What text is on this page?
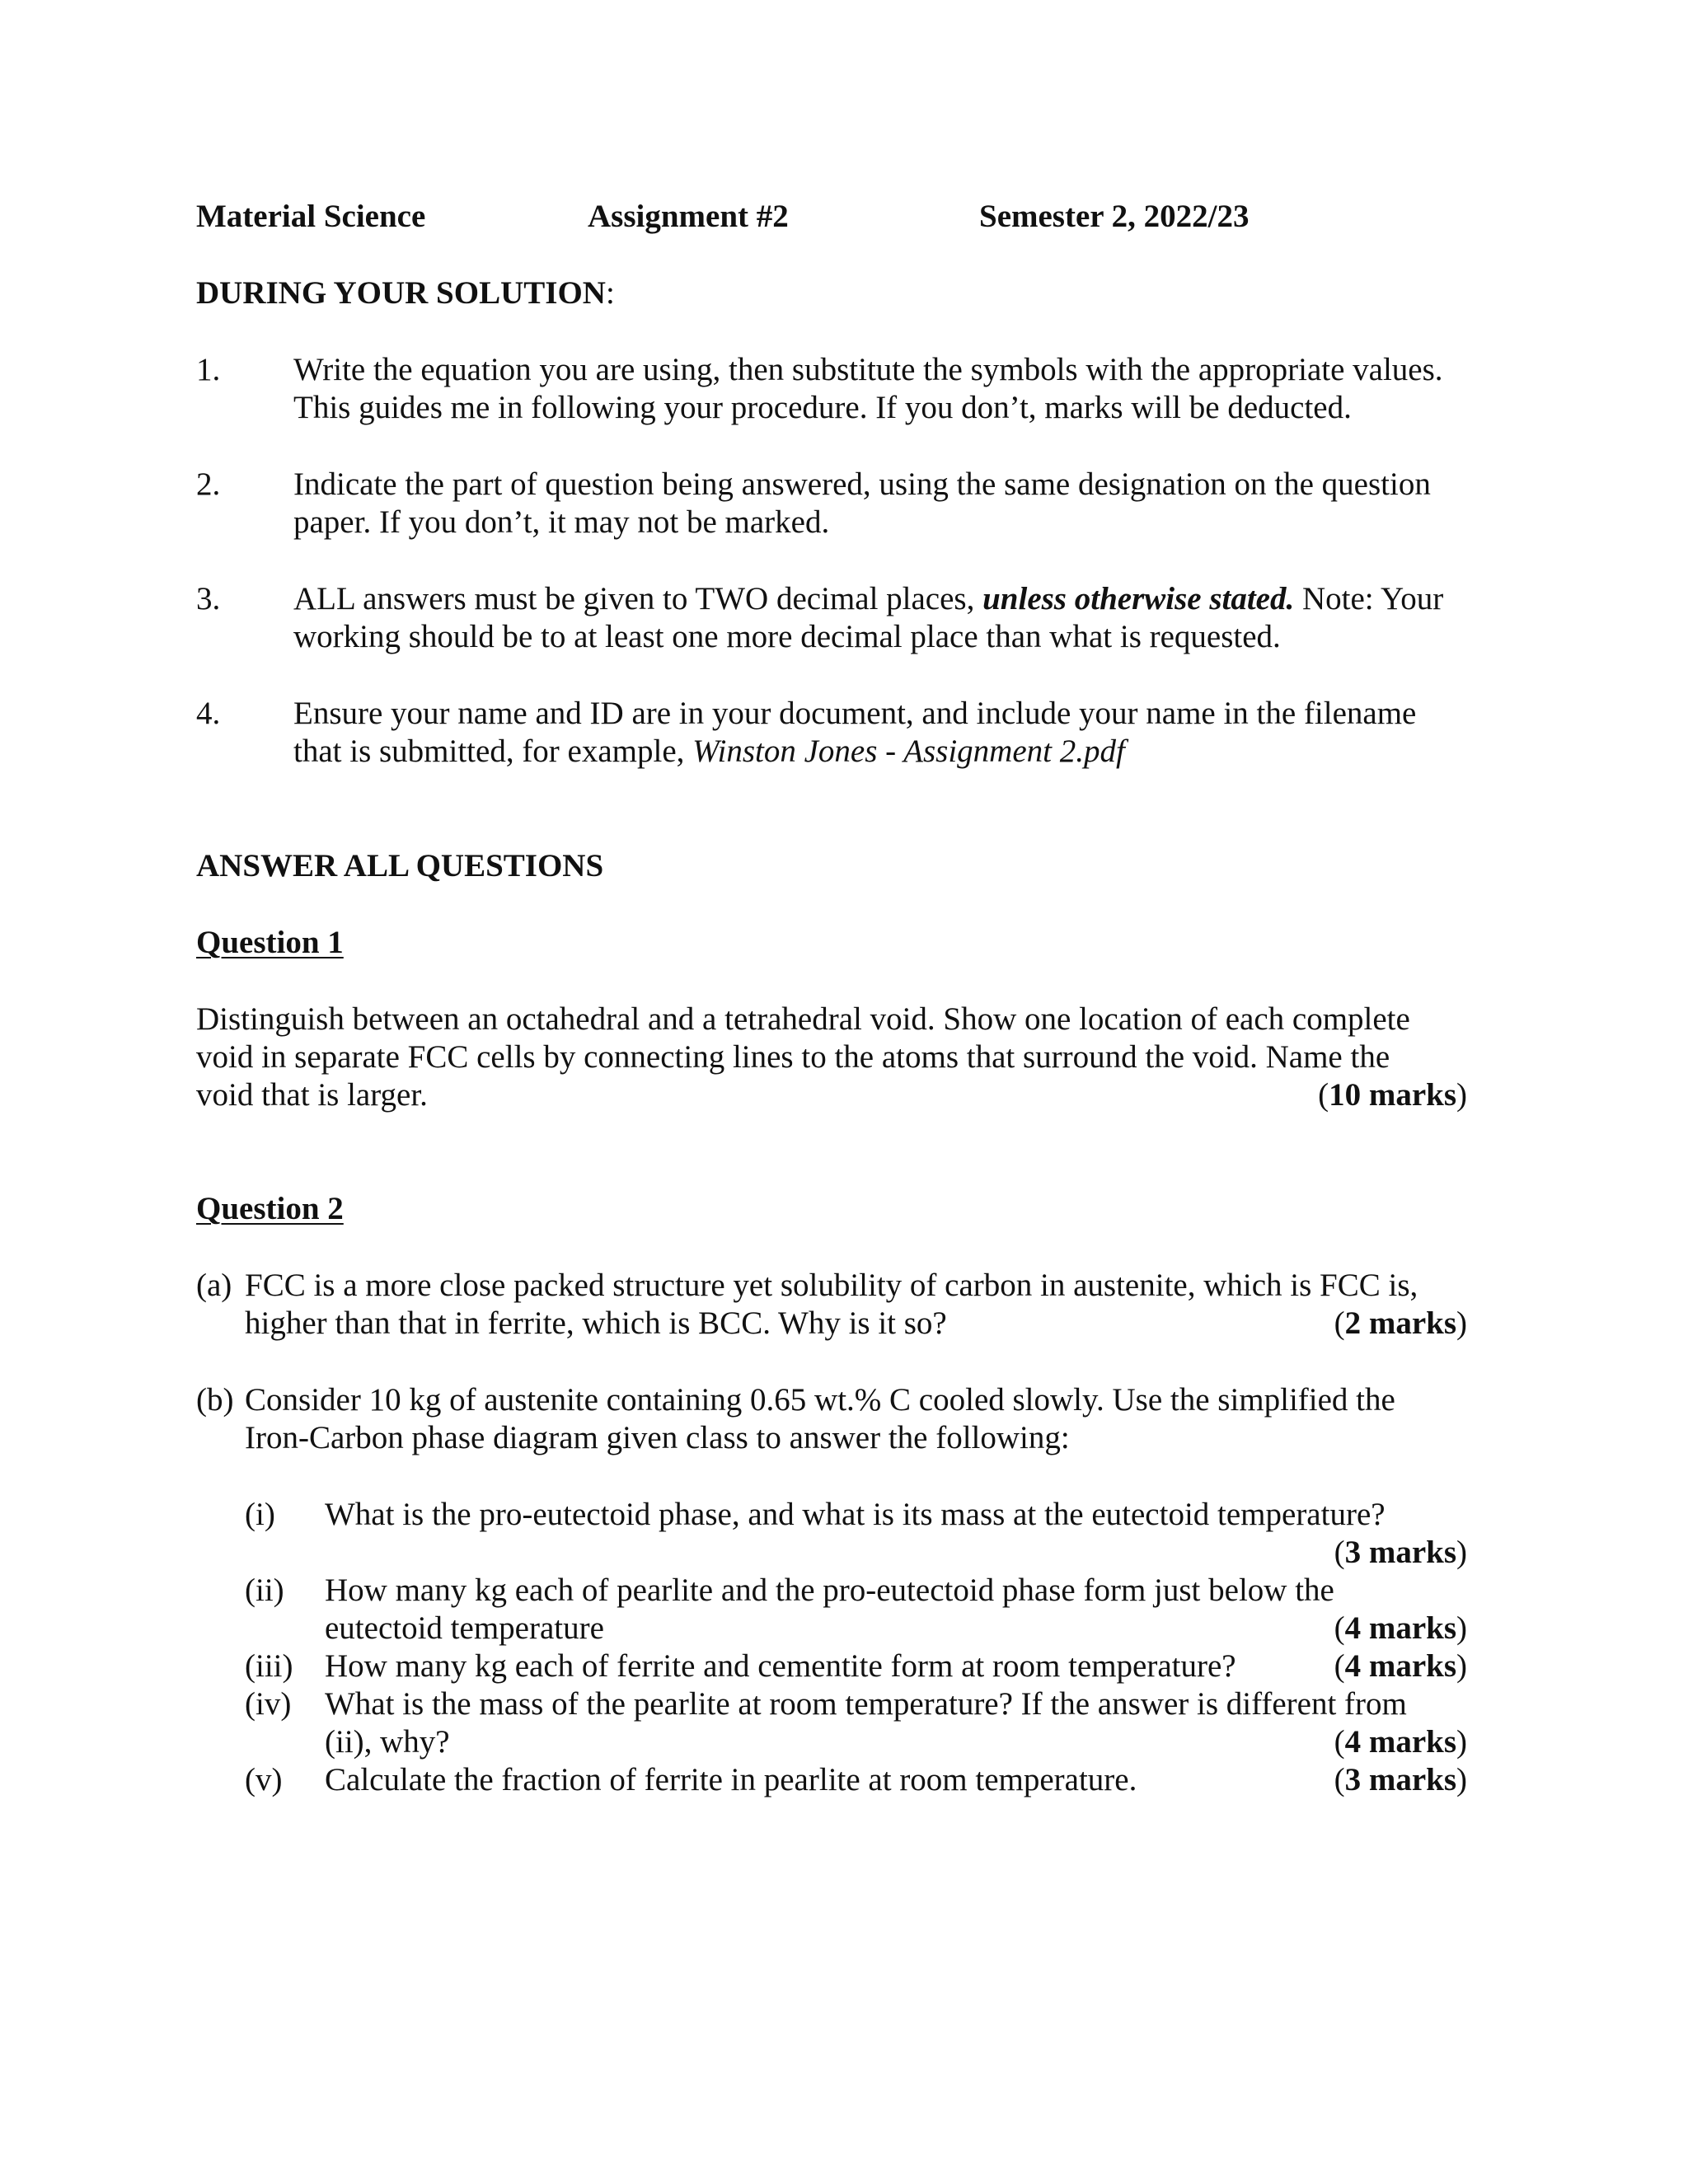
Material Science	Assignment #2	Semester 2, 2022/23
DURING YOUR SOLUTION:
1. Write the equation you are using, then substitute the symbols with the appropriate values.
This guides me in following your procedure. If you don’t, marks will be deducted.
2. Indicate the part of question being answered, using the same designation on the question
paper. If you don’t, it may not be marked.
3. ALL answers must be given to TWO decimal places, unless otherwise stated. Note: Your
working should be to at least one more decimal place than what is requested.
4. Ensure your name and ID are in your document, and include your name in the filename
that is submitted, for example, Winston Jones - Assignment 2.pdf
ANSWER ALL QUESTIONS
Question 1
Distinguish between an octahedral and a tetrahedral void. Show one location of each complete
void in separate FCC cells by connecting lines to the atoms that surround the void. Name the
void that is larger.	(10 marks)
Question 2
(a) FCC is a more close packed structure yet solubility of carbon in austenite, which is FCC is,
higher than that in ferrite, which is BCC. Why is it so?	(2 marks)
(b) Consider 10 kg of austenite containing 0.65 wt.% C cooled slowly. Use the simplified the
Iron-Carbon phase diagram given class to answer the following:
(i) What is the pro-eutectoid phase, and what is its mass at the eutectoid temperature?
(3 marks)
(ii) How many kg each of pearlite and the pro-eutectoid phase form just below the
eutectoid temperature	(4 marks)
(iii) How many kg each of ferrite and cementite form at room temperature?	(4 marks)
(iv) What is the mass of the pearlite at room temperature? If the answer is different from
(ii), why?	(4 marks)
(v) Calculate the fraction of ferrite in pearlite at room temperature.	(3 marks)
